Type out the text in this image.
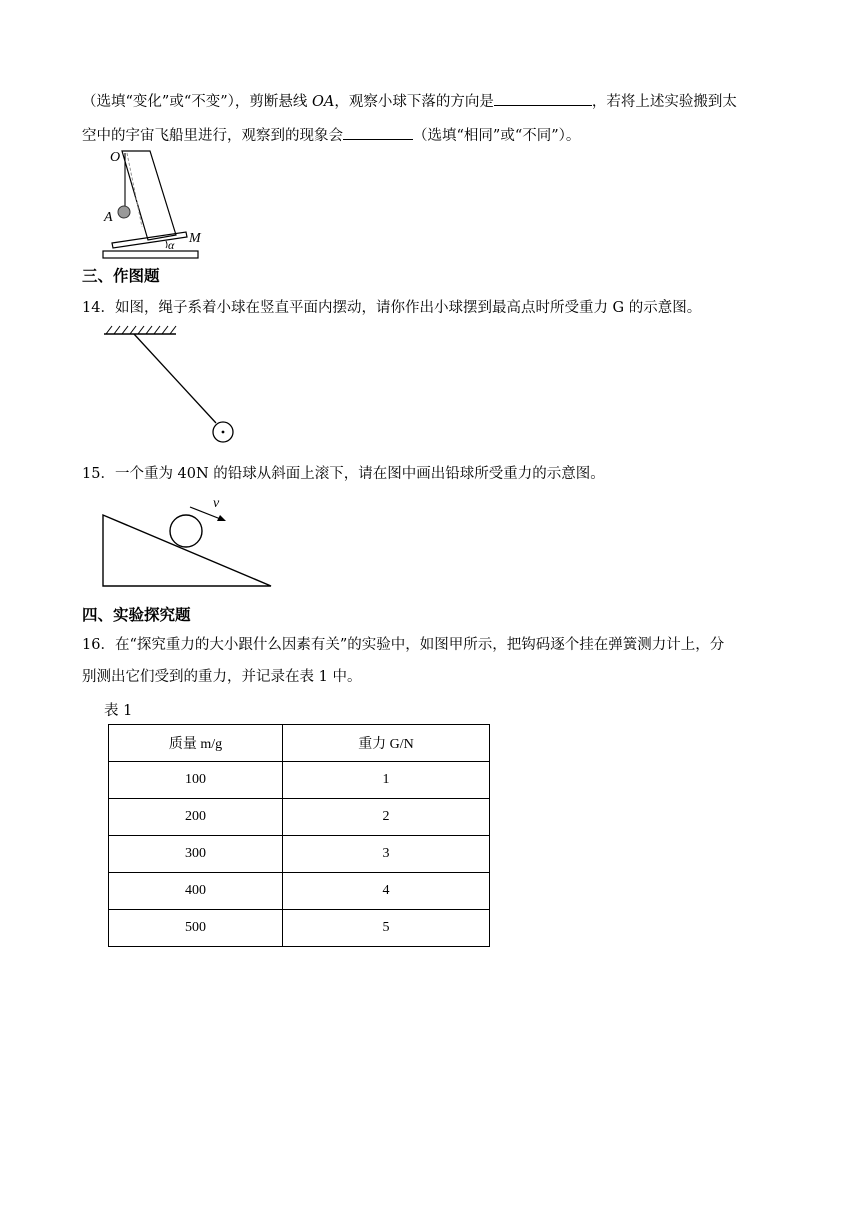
（选填“变化”或“不变”），剪断悬线 OA，观察小球下落的方向是	，若将上述实验搬到太
空中的宇宙飞船里进行，观察到的现象会	（选填“相同”或“不同”）。
O
A
M
α
三、作图题
14．如图，绳子系着小球在竖直平面内摆动，请你作出小球摆到最高点时所受重力 G 的示意图。
15．一个重为 40N 的铅球从斜面上滚下，请在图中画出铅球所受重力的示意图。
v
四、实验探究题
16．在“探究重力的大小跟什么因素有关”的实验中，如图甲所示，把钩码逐个挂在弹簧测力计上，分
别测出它们受到的重力，并记录在表 1 中。
表 1
质量 m/g	重力 G/N
100	1
200	2
300	3
400	4
500	5
